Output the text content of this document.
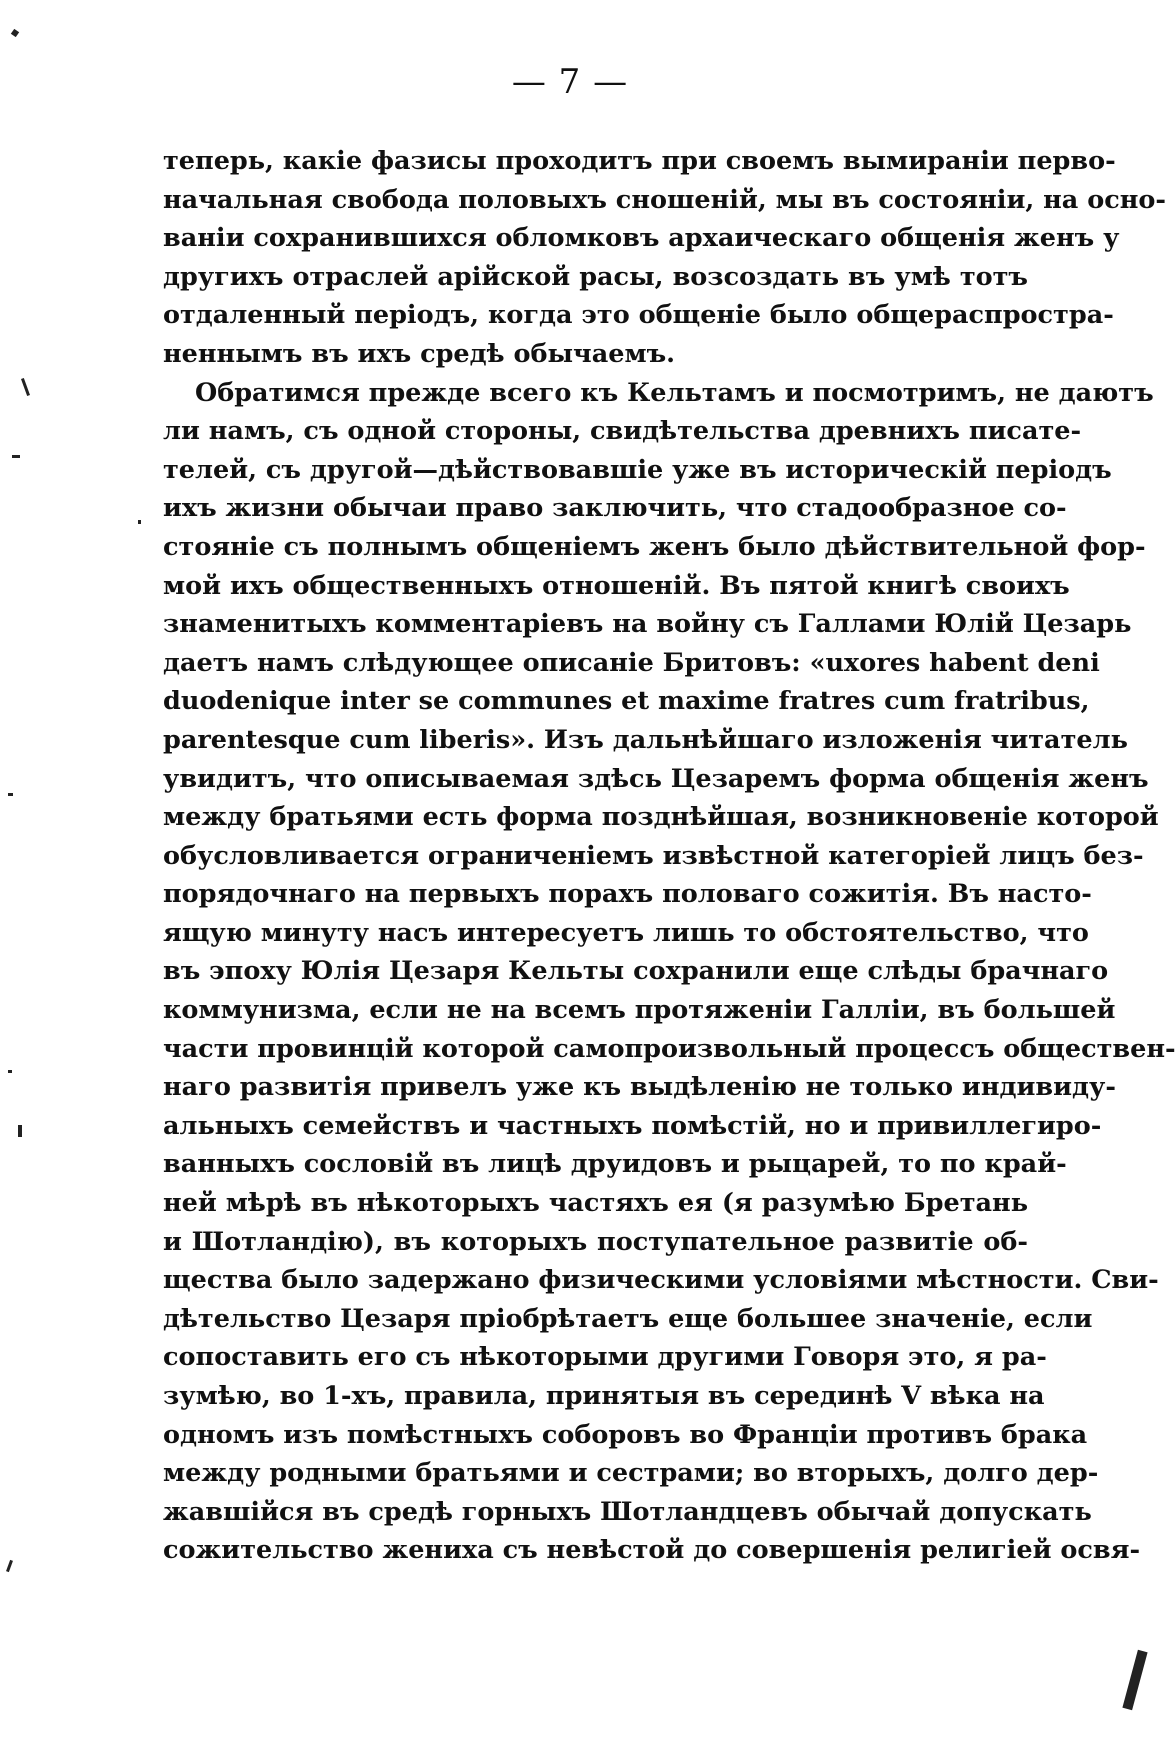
— 7 —
теперь, какіе фазисы проходитъ при своемъ вымираніи перво-
начальная свобода половыхъ сношеній, мы въ состояніи, на осно-
ваніи сохранившихся обломковъ архаическаго общенія женъ у
другихъ отраслей арійской расы, возсоздать въ умѣ тотъ
отдаленный періодъ, когда это общеніе было общераспростра-
неннымъ въ ихъ средѣ обычаемъ.
Обратимся прежде всего къ Кельтамъ и посмотримъ, не даютъ
ли намъ, съ одной стороны, свидѣтельства древнихъ писате-
телей, съ другой—дѣйствовавшіе уже въ историческій періодъ
ихъ жизни обычаи право заключить, что стадообразное со-
стояніе съ полнымъ общеніемъ женъ было дѣйствительной фор-
мой ихъ общественныхъ отношеній. Въ пятой книгѣ своихъ
знаменитыхъ комментаріевъ на войну съ Галлами Юлій Цезарь
даетъ намъ слѣдующее описаніе Бритовъ: «uxores habent deni
duodenique inter se communes et maxime fratres cum fratribus,
parentesque cum liberis». Изъ дальнѣйшаго изложенія читатель
увидитъ, что описываемая здѣсь Цезаремъ форма общенія женъ
между братьями есть форма позднѣйшая, возникновеніе которой
обусловливается ограниченіемъ извѣстной категоріей лицъ без-
порядочнаго на первыхъ порахъ половаго сожитія. Въ насто-
ящую минуту насъ интересуетъ лишь то обстоятельство, что
въ эпоху Юлія Цезаря Кельты сохранили еще слѣды брачнаго
коммунизма, если не на всемъ протяженіи Галліи, въ большей
части провинцій которой самопроизвольный процессъ обществен-
наго развитія привелъ уже къ выдѣленію не только индивиду-
альныхъ семействъ и частныхъ помѣстій, но и привиллегиро-
ванныхъ сословій въ лицѣ друидовъ и рыцарей, то по край-
ней мѣрѣ въ нѣкоторыхъ частяхъ ея (я разумѣю Бретань
и Шотландію), въ которыхъ поступательное развитіе об-
щества было задержано физическими условіями мѣстности. Сви-
дѣтельство Цезаря пріобрѣтаетъ еще большее значеніе, если
сопоставить его съ нѣкоторыми другими Говоря это, я ра-
зумѣю, во 1-хъ, правила, принятыя въ серединѣ V вѣка на
одномъ изъ помѣстныхъ соборовъ во Франціи противъ брака
между родными братьями и сестрами; во вторыхъ, долго дер-
жавшійся въ средѣ горныхъ Шотландцевъ обычай допускать
сожительство жениха съ невѣстой до совершенія религіей освя-
